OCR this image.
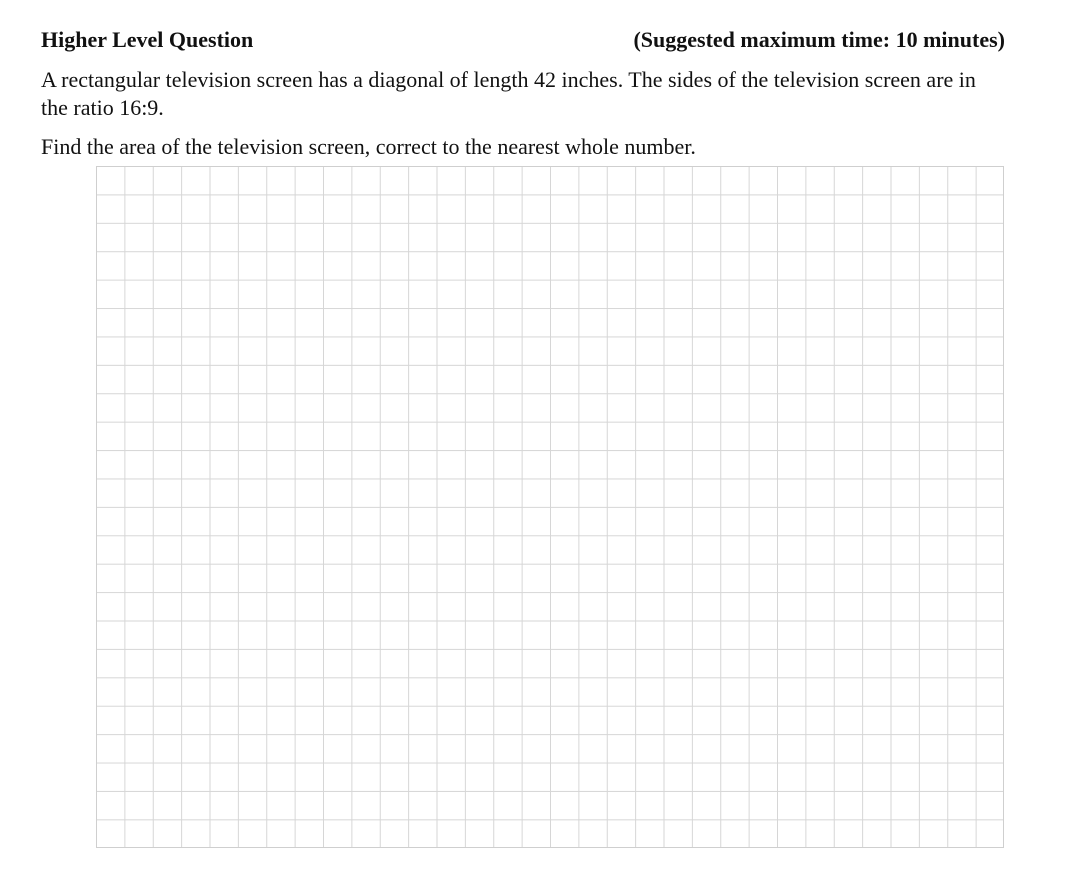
Higher Level Question	(Suggested maximum time: 10 minutes)
A rectangular television screen has a diagonal of length 42 inches. The sides of the television screen are in the ratio 16:9.
Find the area of the television screen, correct to the nearest whole number.
